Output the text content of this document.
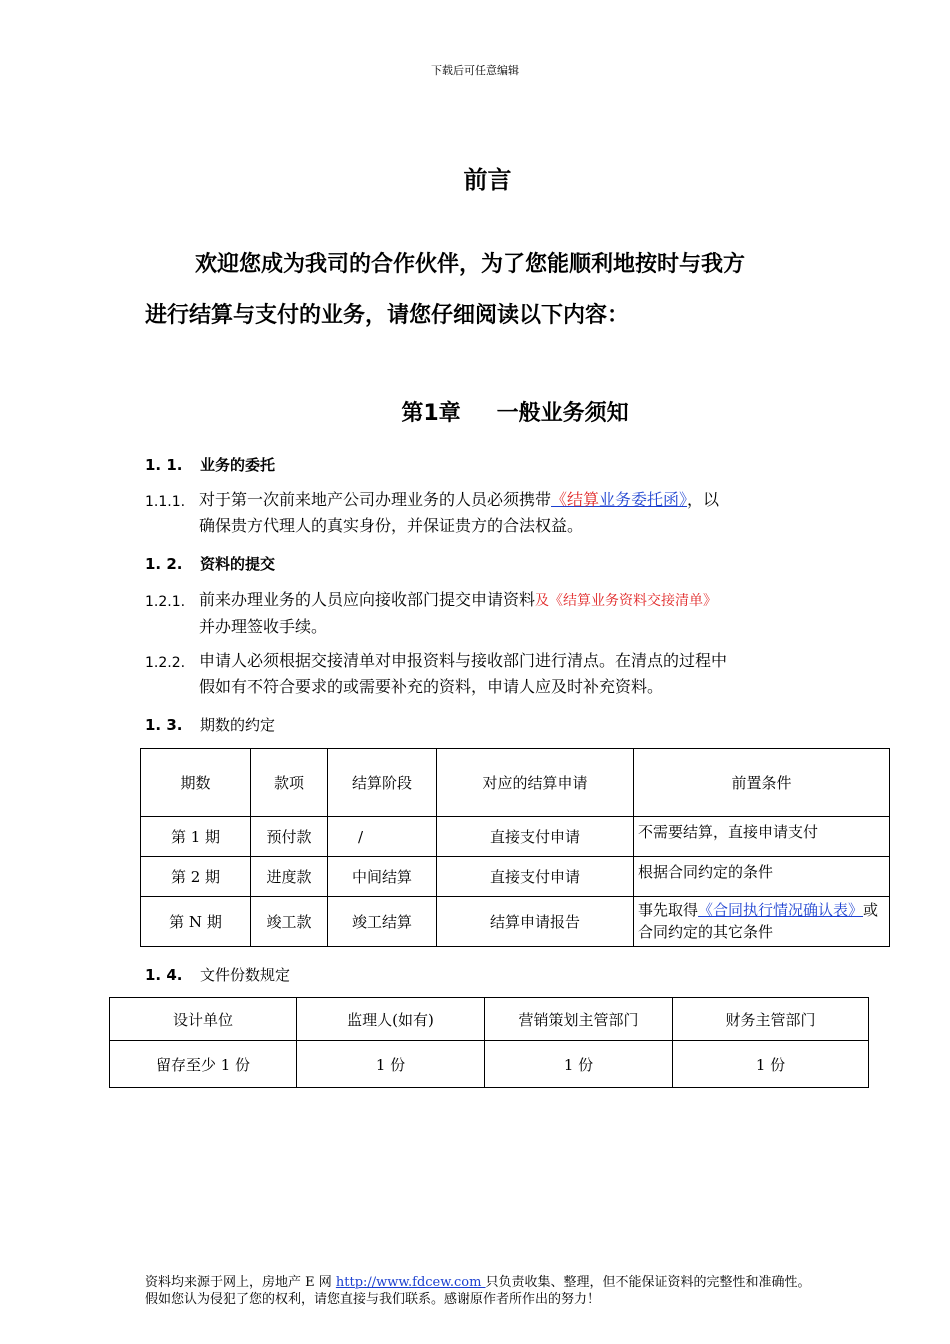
下载后可任意编辑
前言
欢迎您成为我司的合作伙伴，为了您能顺利地按时与我方
进行结算与支付的业务，请您仔细阅读以下内容：
第1章 一般业务须知
1. 1. 业务的委托
1.1.1. 对于第一次前来地产公司办理业务的人员必须携带《结算业务委托函》，以
确保贵方代理人的真实身份，并保证贵方的合法权益。
1. 2. 资料的提交
1.2.1. 前来办理业务的人员应向接收部门提交申请资料及《结算业务资料交接清单》
并办理签收手续。
1.2.2. 申请人必须根据交接清单对申报资料与接收部门进行清点。在清点的过程中
假如有不符合要求的或需要补充的资料，申请人应及时补充资料。
1. 3. 期数的约定
期数	款项	结算阶段	对应的结算申请	前置条件
第 1 期	预付款	/	直接支付申请	不需要结算，直接申请支付
第 2 期	进度款	中间结算	直接支付申请	根据合同约定的条件
第 N 期	竣工款	竣工结算	结算申请报告	事先取得《合同执行情况确认表》或合同约定的其它条件
1. 4. 文件份数规定
设计单位	监理人(如有)	营销策划主管部门	财务主管部门
留存至少 1 份	1 份	1 份	1 份
资料均来源于网上，房地产 E 网 http://www.fdcew.com 只负责收集、整理，但不能保证资料的完整性和准确性。
假如您认为侵犯了您的权利，请您直接与我们联系。感谢原作者所作出的努力！
